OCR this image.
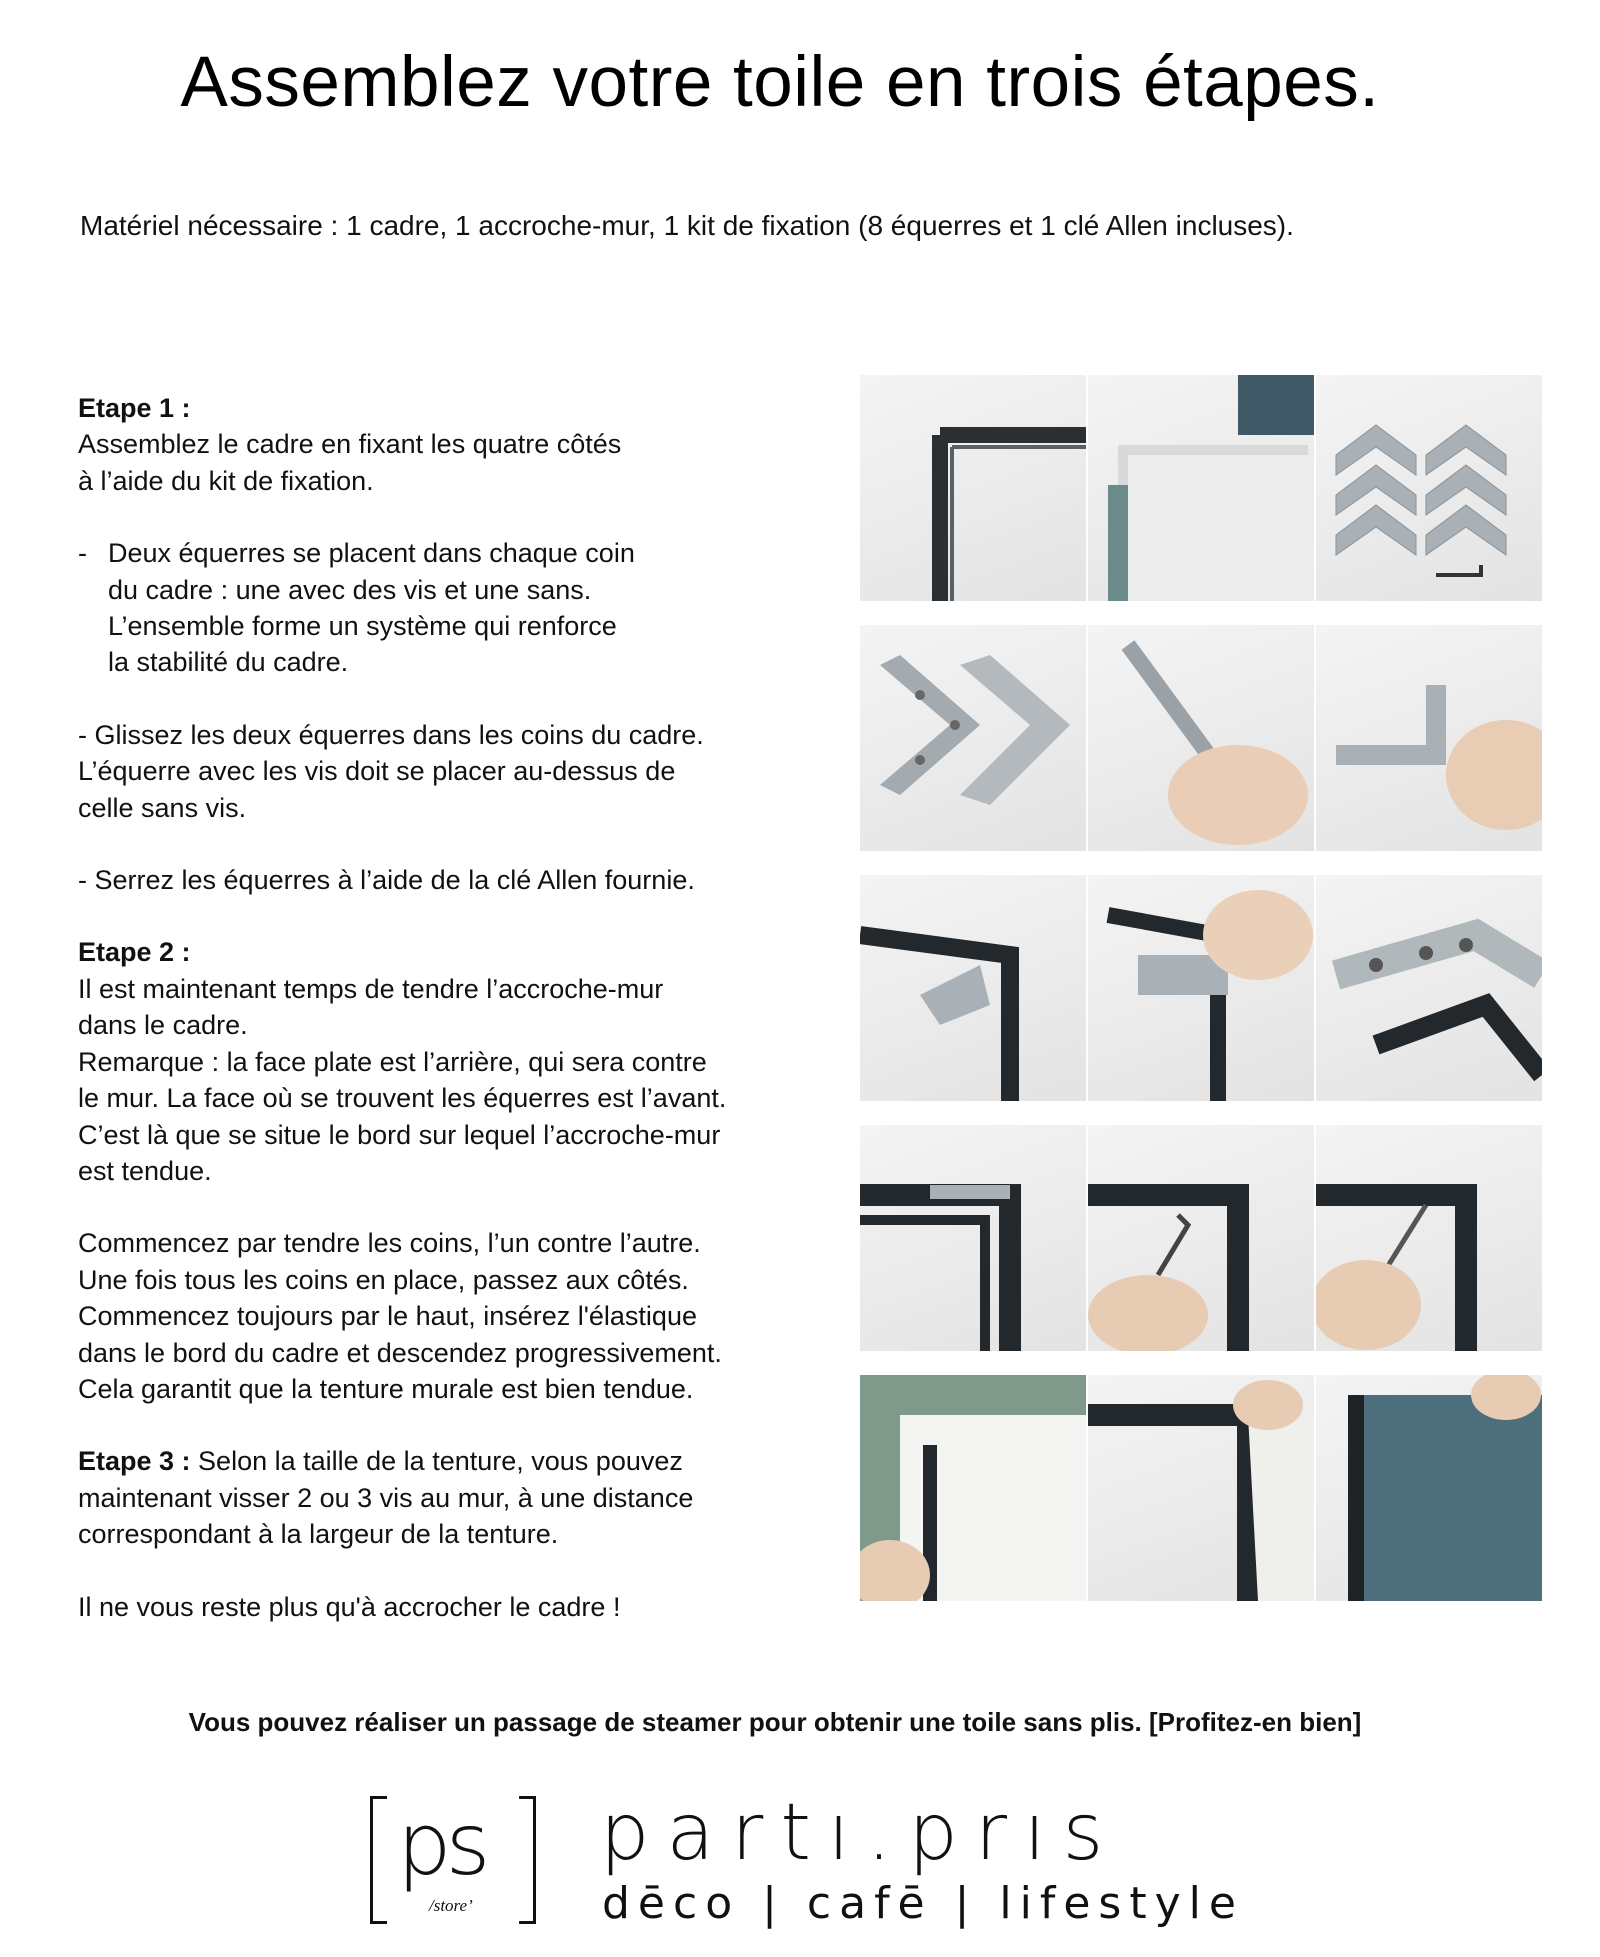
Assemblez votre toile en trois étapes.
Matériel nécessaire : 1 cadre, 1 accroche-mur, 1 kit de fixation (8 équerres et 1 clé Allen incluses).

Etape 1 :

Assemblez le cadre en fixant les quatre côtés
à l’aide du kit de fixation.

- Deux équerres se placent dans chaque coin
du cadre : une avec des vis et une sans.
L’ensemble forme un système qui renforce
la stabilité du cadre.

- Glissez les deux équerres dans les coins du cadre.
L’équerre avec les vis doit se placer au-dessus de
celle sans vis.

- Serrez les équerres à l’aide de la clé Allen fournie.

Etape 2 :

Il est maintenant temps de tendre l’accroche-mur
dans le cadre.
Remarque : la face plate est l’arrière, qui sera contre
le mur. La face où se trouvent les équerres est l’avant.
C’est là que se situe le bord sur lequel l’accroche-mur
est tendue.

Commencez par tendre les coins, l’un contre l’autre.
Une fois tous les coins en place, passez aux côtés.
Commencez toujours par le haut, insérez l'élastique
dans le bord du cadre et descendez progressivement.
Cela garantit que la tenture murale est bien tendue.

Etape 3 : Selon la taille de la tenture, vous pouvez
maintenant visser 2 ou 3 vis au mur, à une distance
correspondant à la largeur de la tenture.

Il ne vous reste plus qu'à accrocher le cadre !

Vous pouvez réaliser un passage de steamer pour obtenir une toile sans plis. [Profitez-en bien]
ps
/store’
partı.prıs
dēco | cafē | lifestyle
